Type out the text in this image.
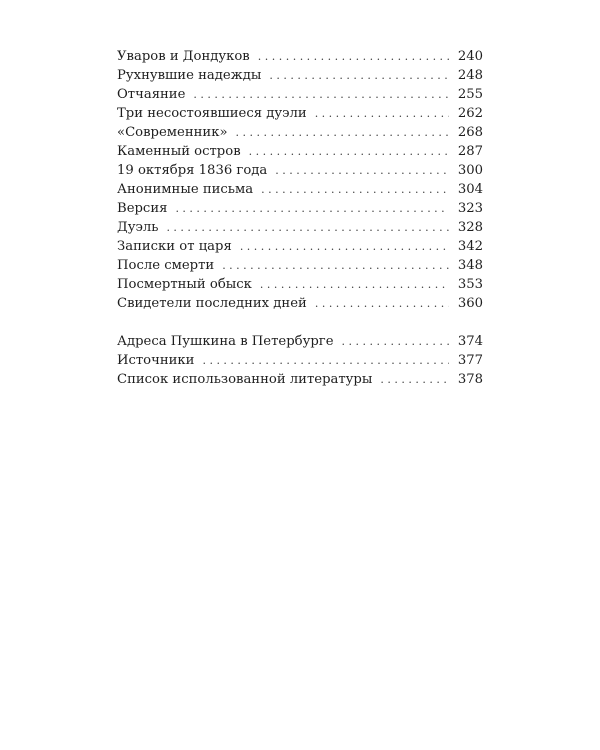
Уваров и Дондуков . . .	240
Рухнувшие надежды . . .	248
Отчаяние . . .	255
Три несостоявшиеся дуэли . . .	262
«Современник» . . .	268
Каменный остров . . .	287
19 октября 1836 года . . .	300
Анонимные письма . . .	304
Версия . . .	323
Дуэль . . .	328
Записки от царя . . .	342
После смерти . . .	348
Посмертный обыск . . .	353
Свидетели последних дней . . .	360
Адреса Пушкина в Петербурге . . .	374
Источники . . .	377
Список использованной литературы . . .	378
